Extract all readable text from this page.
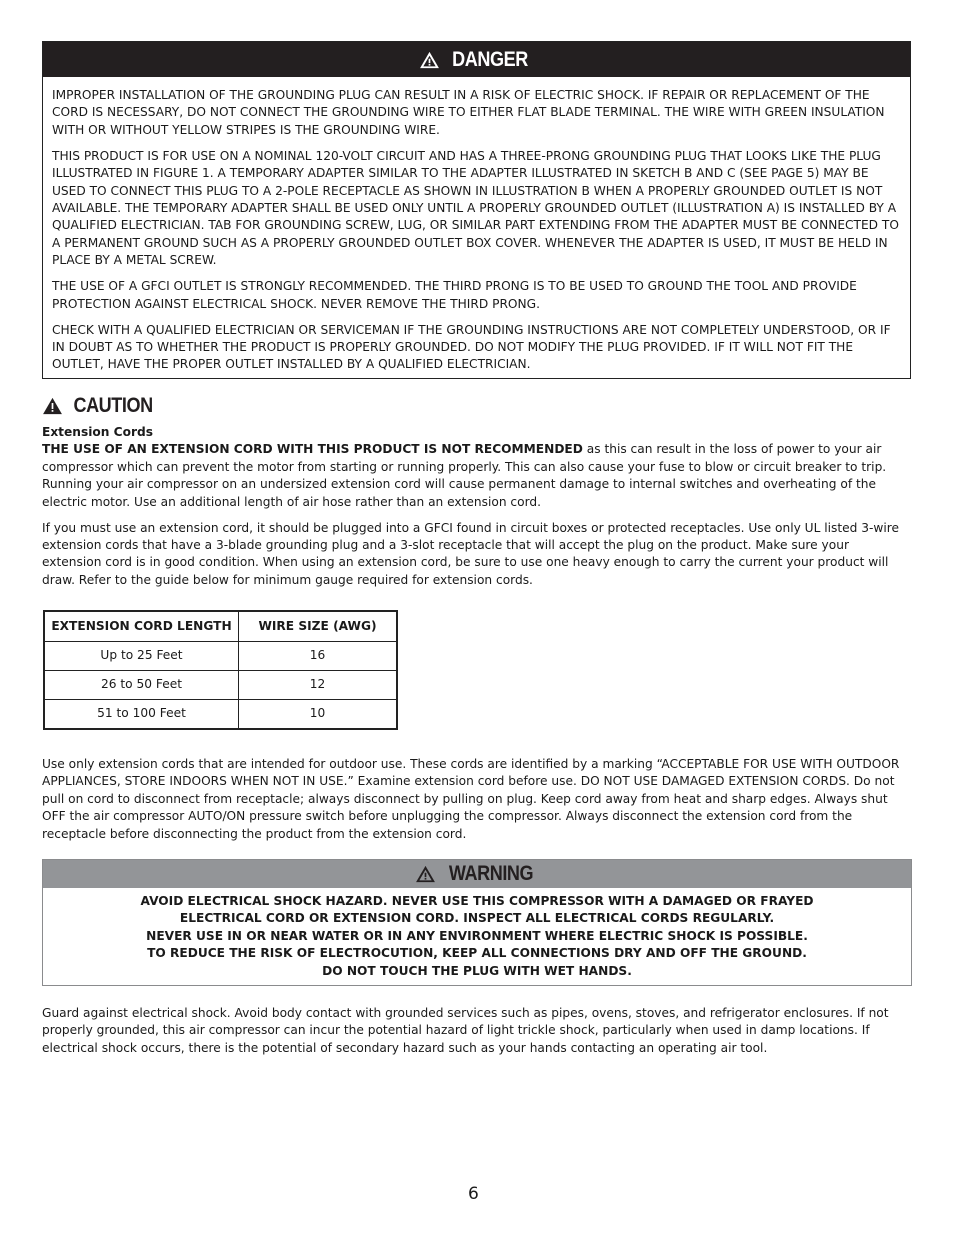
DANGER

IMPROPER INSTALLATION OF THE GROUNDING PLUG CAN RESULT IN A RISK OF ELECTRIC SHOCK. IF REPAIR OR REPLACEMENT OF THE CORD IS NECESSARY, DO NOT CONNECT THE GROUNDING WIRE TO EITHER FLAT BLADE TERMINAL. THE WIRE WITH GREEN INSULATION WITH OR WITHOUT YELLOW STRIPES IS THE GROUNDING WIRE.

THIS PRODUCT IS FOR USE ON A NOMINAL 120-VOLT CIRCUIT AND HAS A THREE-PRONG GROUNDING PLUG THAT LOOKS LIKE THE PLUG ILLUSTRATED IN FIGURE 1. A TEMPORARY ADAPTER SIMILAR TO THE ADAPTER ILLUSTRATED IN SKETCH B AND C (SEE PAGE 5) MAY BE USED TO CONNECT THIS PLUG TO A 2-POLE RECEPTACLE AS SHOWN IN ILLUSTRATION B WHEN A PROPERLY GROUNDED OUTLET IS NOT AVAILABLE. THE TEMPORARY ADAPTER SHALL BE USED ONLY UNTIL A PROPERLY GROUNDED OUTLET (ILLUSTRATION A) IS INSTALLED BY A QUALIFIED ELECTRICIAN. TAB FOR GROUNDING SCREW, LUG, OR SIMILAR PART EXTENDING FROM THE ADAPTER MUST BE CONNECTED TO A PERMANENT GROUND SUCH AS A PROPERLY GROUNDED OUTLET BOX COVER. WHENEVER THE ADAPTER IS USED, IT MUST BE HELD IN PLACE BY A METAL SCREW.

THE USE OF A GFCI OUTLET IS STRONGLY RECOMMENDED. THE THIRD PRONG IS TO BE USED TO GROUND THE TOOL AND PROVIDE PROTECTION AGAINST ELECTRICAL SHOCK. NEVER REMOVE THE THIRD PRONG.

CHECK WITH A QUALIFIED ELECTRICIAN OR SERVICEMAN IF THE GROUNDING INSTRUCTIONS ARE NOT COMPLETELY UNDERSTOOD, OR IF IN DOUBT AS TO WHETHER THE PRODUCT IS PROPERLY GROUNDED. DO NOT MODIFY THE PLUG PROVIDED. IF IT WILL NOT FIT THE OUTLET, HAVE THE PROPER OUTLET INSTALLED BY A QUALIFIED ELECTRICIAN.

CAUTION

Extension Cords

THE USE OF AN EXTENSION CORD WITH THIS PRODUCT IS NOT RECOMMENDED as this can result in the loss of power to your air compressor which can prevent the motor from starting or running properly. This can also cause your fuse to blow or circuit breaker to trip. Running your air compressor on an undersized extension cord will cause permanent damage to internal switches and overheating of the electric motor. Use an additional length of air hose rather than an extension cord.

If you must use an extension cord, it should be plugged into a GFCI found in circuit boxes or protected receptacles. Use only UL listed 3-wire extension cords that have a 3-blade grounding plug and a 3-slot receptacle that will accept the plug on the product. Make sure your extension cord is in good condition. When using an extension cord, be sure to use one heavy enough to carry the current your product will draw. Refer to the guide below for minimum gauge required for extension cords.

EXTENSION CORD LENGTH	WIRE SIZE (AWG)
Up to 25 Feet	16
26 to 50 Feet	12
51 to 100 Feet	10

Use only extension cords that are intended for outdoor use. These cords are identified by a marking “ACCEPTABLE FOR USE WITH OUTDOOR APPLIANCES, STORE INDOORS WHEN NOT IN USE.” Examine extension cord before use. DO NOT USE DAMAGED EXTENSION CORDS. Do not pull on cord to disconnect from receptacle; always disconnect by pulling on plug. Keep cord away from heat and sharp edges. Always shut OFF the air compressor AUTO/ON pressure switch before unplugging the compressor. Always disconnect the extension cord from the receptacle before disconnecting the product from the extension cord.

WARNING
AVOID ELECTRICAL SHOCK HAZARD. NEVER USE THIS COMPRESSOR WITH A DAMAGED OR FRAYED
ELECTRICAL CORD OR EXTENSION CORD. INSPECT ALL ELECTRICAL CORDS REGULARLY.
NEVER USE IN OR NEAR WATER OR IN ANY ENVIRONMENT WHERE ELECTRIC SHOCK IS POSSIBLE.
TO REDUCE THE RISK OF ELECTROCUTION, KEEP ALL CONNECTIONS DRY AND OFF THE GROUND.
DO NOT TOUCH THE PLUG WITH WET HANDS.

Guard against electrical shock. Avoid body contact with grounded services such as pipes, ovens, stoves, and refrigerator enclosures. If not properly grounded, this air compressor can incur the potential hazard of light trickle shock, particularly when used in damp locations. If electrical shock occurs, there is the potential of secondary hazard such as your hands contacting an operating air tool.

6
